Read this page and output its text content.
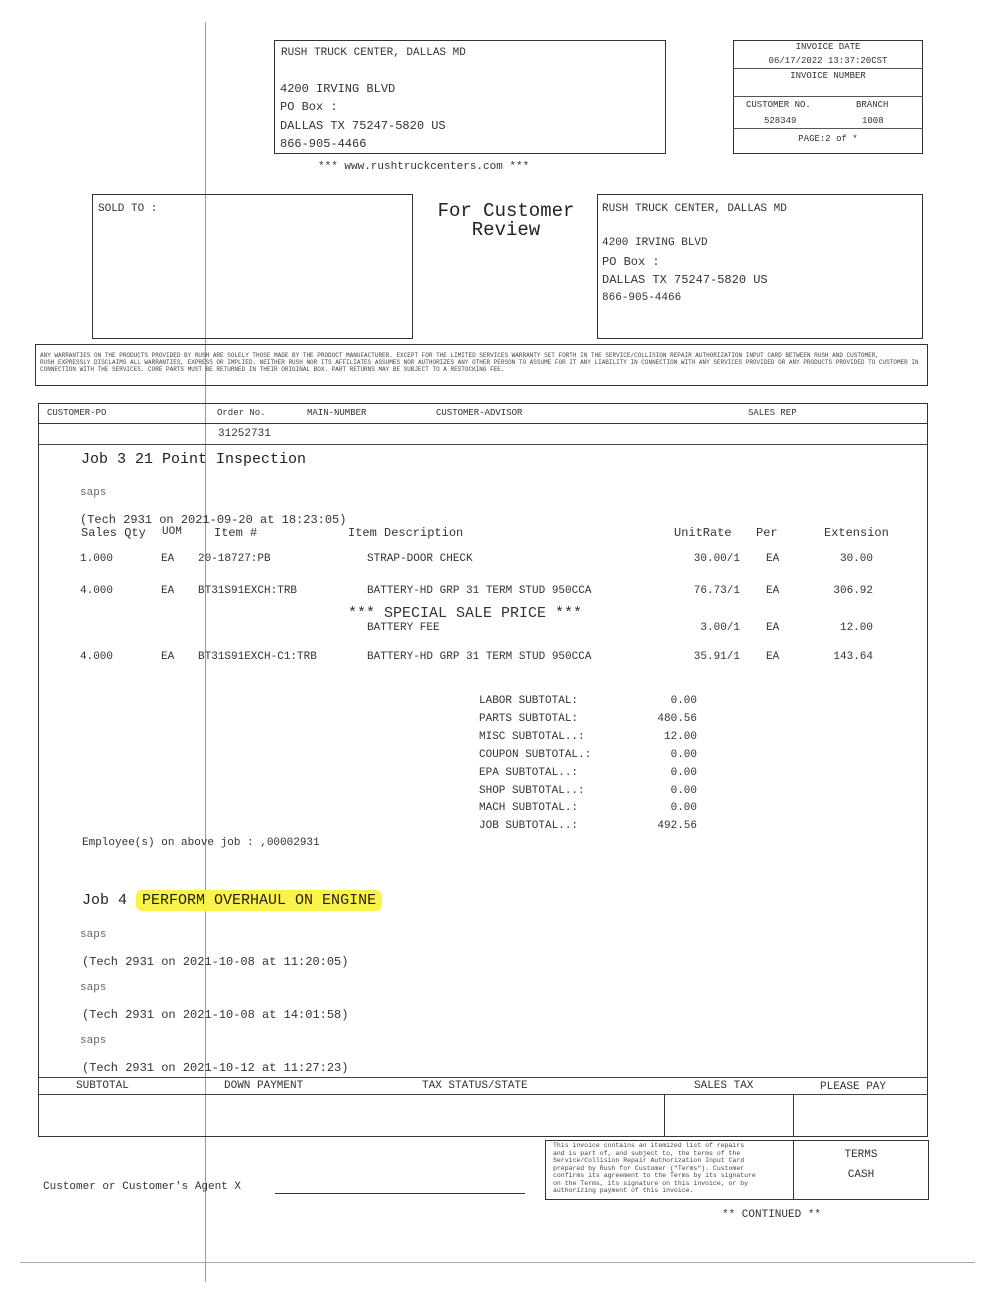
RUSH TRUCK CENTER, DALLAS MD
4200 IRVING BLVD
PO Box :
DALLAS TX 75247-5820 US
866-905-4466
*** www.rushtruckcenters.com ***
INVOICE DATE
06/17/2022 13:37:20CST
INVOICE NUMBER
CUSTOMER NO.	BRANCH
528349	1008
PAGE:2 of *
SOLD TO :	For Customer
Review
RUSH TRUCK CENTER, DALLAS MD
4200 IRVING BLVD
PO Box :
DALLAS TX 75247-5820 US
866-905-4466
ANY WARRANTIES ON THE PRODUCTS PROVIDED BY RUSH ARE SOLELY THOSE MADE BY THE PRODUCT MANUFACTURER. EXCEPT FOR THE LIMITED SERVICES WARRANTY SET FORTH IN THE SERVICE/COLLISION REPAIR AUTHORIZATION INPUT CARD BETWEEN RUSH AND CUSTOMER,
RUSH EXPRESSLY DISCLAIMS ALL WARRANTIES, EXPRESS OR IMPLIED. NEITHER RUSH NOR ITS AFFILIATES ASSUMES NOR AUTHORIZES ANY OTHER PERSON TO ASSUME FOR IT ANY LIABILITY IN CONNECTION WITH ANY SERVICES PROVIDED OR ANY PRODUCTS PROVIDED TO CUSTOMER IN
CONNECTION WITH THE SERVICES. CORE PARTS MUST BE RETURNED IN THEIR ORIGINAL BOX. PART RETURNS MAY BE SUBJECT TO A RESTOCKING FEE.
CUSTOMER-PO	Order No.	MAIN-NUMBER	CUSTOMER-ADVISOR	SALES REP
31252731
Job 3 21 Point Inspection
saps
(Tech 2931 on 2021-09-20 at 18:23:05)
Sales Qty UOM	Item #	Item Description	UnitRate Per	Extension
1.000	EA 20-18727:PB	STRAP-DOOR CHECK	30.00/1 EA	30.00
4.000	EA BT31S91EXCH:TRB	BATTERY-HD GRP 31 TERM STUD 950CCA	76.73/1 EA	306.92
*** SPECIAL SALE PRICE ***
BATTERY FEE	3.00/1 EA	12.00
4.000	EA BT31S91EXCH-C1:TRB	BATTERY-HD GRP 31 TERM STUD 950CCA	35.91/1 EA	143.64
LABOR SUBTOTAL:	0.00
PARTS SUBTOTAL:	480.56
MISC SUBTOTAL..:	12.00
COUPON SUBTOTAL.:	0.00
EPA SUBTOTAL..:	0.00
SHOP SUBTOTAL..:	0.00
MACH SUBTOTAL.:	0.00
JOB SUBTOTAL..:	492.56
Employee(s) on above job : ,00002931
Job 4 PERFORM OVERHAUL ON ENGINE
saps
(Tech 2931 on 2021-10-08 at 11:20:05)
saps
(Tech 2931 on 2021-10-08 at 14:01:58)
saps
(Tech 2931 on 2021-10-12 at 11:27:23)
SUBTOTAL	DOWN PAYMENT	TAX STATUS/STATE	SALES TAX	PLEASE PAY
Customer or Customer's Agent X
This invoice contains an itemized list of repairs
and is part of, and subject to, the terms of the
Service/Collision Repair Authorization Input Card
prepared by Rush for Customer ("Terms"). Customer
confirms its agreement to the Terms by its signature
on the Terms, its signature on this invoice, or by
authorizing payment of this invoice.
TERMS
CASH
** CONTINUED **
